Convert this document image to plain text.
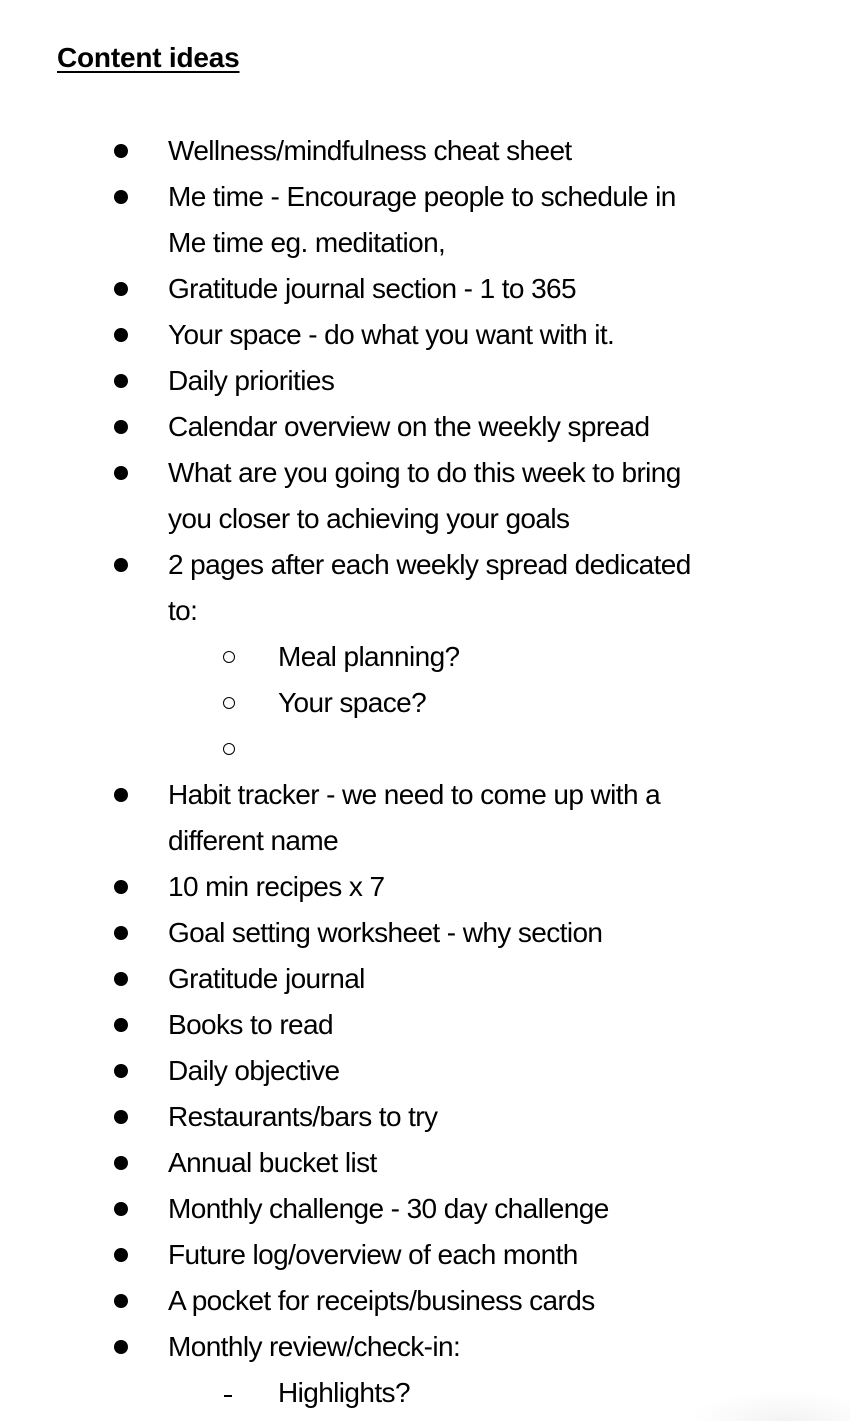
Content ideas
Wellness/mindfulness cheat sheet
Me time - Encourage people to schedule in
Me time eg. meditation,
Gratitude journal section - 1 to 365
Your space - do what you want with it.
Daily priorities
Calendar overview on the weekly spread
What are you going to do this week to bring
you closer to achieving your goals
2 pages after each weekly spread dedicated
to:
Meal planning?
Your space?
Habit tracker - we need to come up with a
different name
10 min recipes x 7
Goal setting worksheet - why section
Gratitude journal
Books to read
Daily objective
Restaurants/bars to try
Annual bucket list
Monthly challenge - 30 day challenge
Future log/overview of each month
A pocket for receipts/business cards
Monthly review/check-in:
Highlights?
